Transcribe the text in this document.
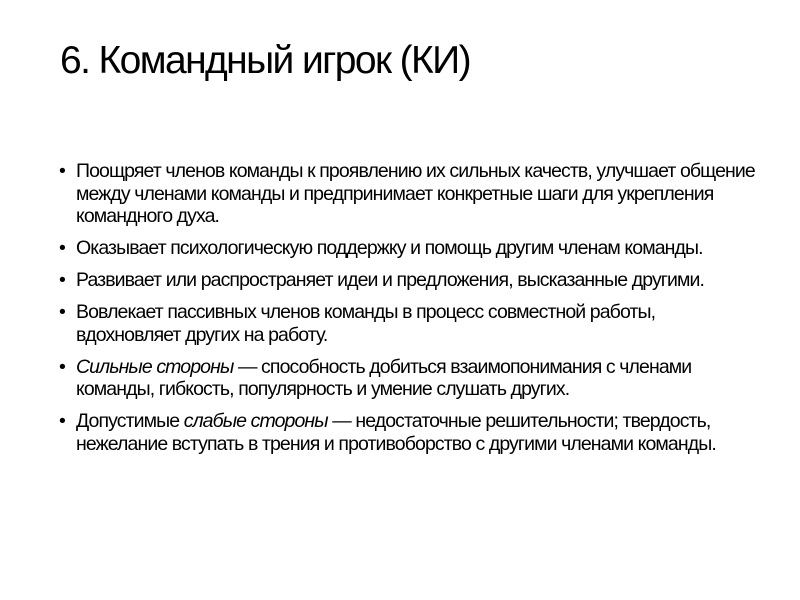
6. Командный игрок (КИ)
• Поощряет членов команды к проявлению их сильных качеств, улучшает общение между членами команды и предпринимает конкретные шаги для укрепления командного духа.
• Оказывает психологическую поддержку и помощь другим членам команды.
• Развивает или распространяет идеи и предложения, высказанные другими.
• Вовлекает пассивных членов команды в процесс совместной работы, вдохновляет других на работу.
• Сильные стороны — способность добиться взаимопонимания с членами команды, гибкость, популярность и умение слушать других.
• Допустимые слабые стороны — недостаточные решительности; твердость, нежелание вступать в трения и противоборство с другими членами команды.
